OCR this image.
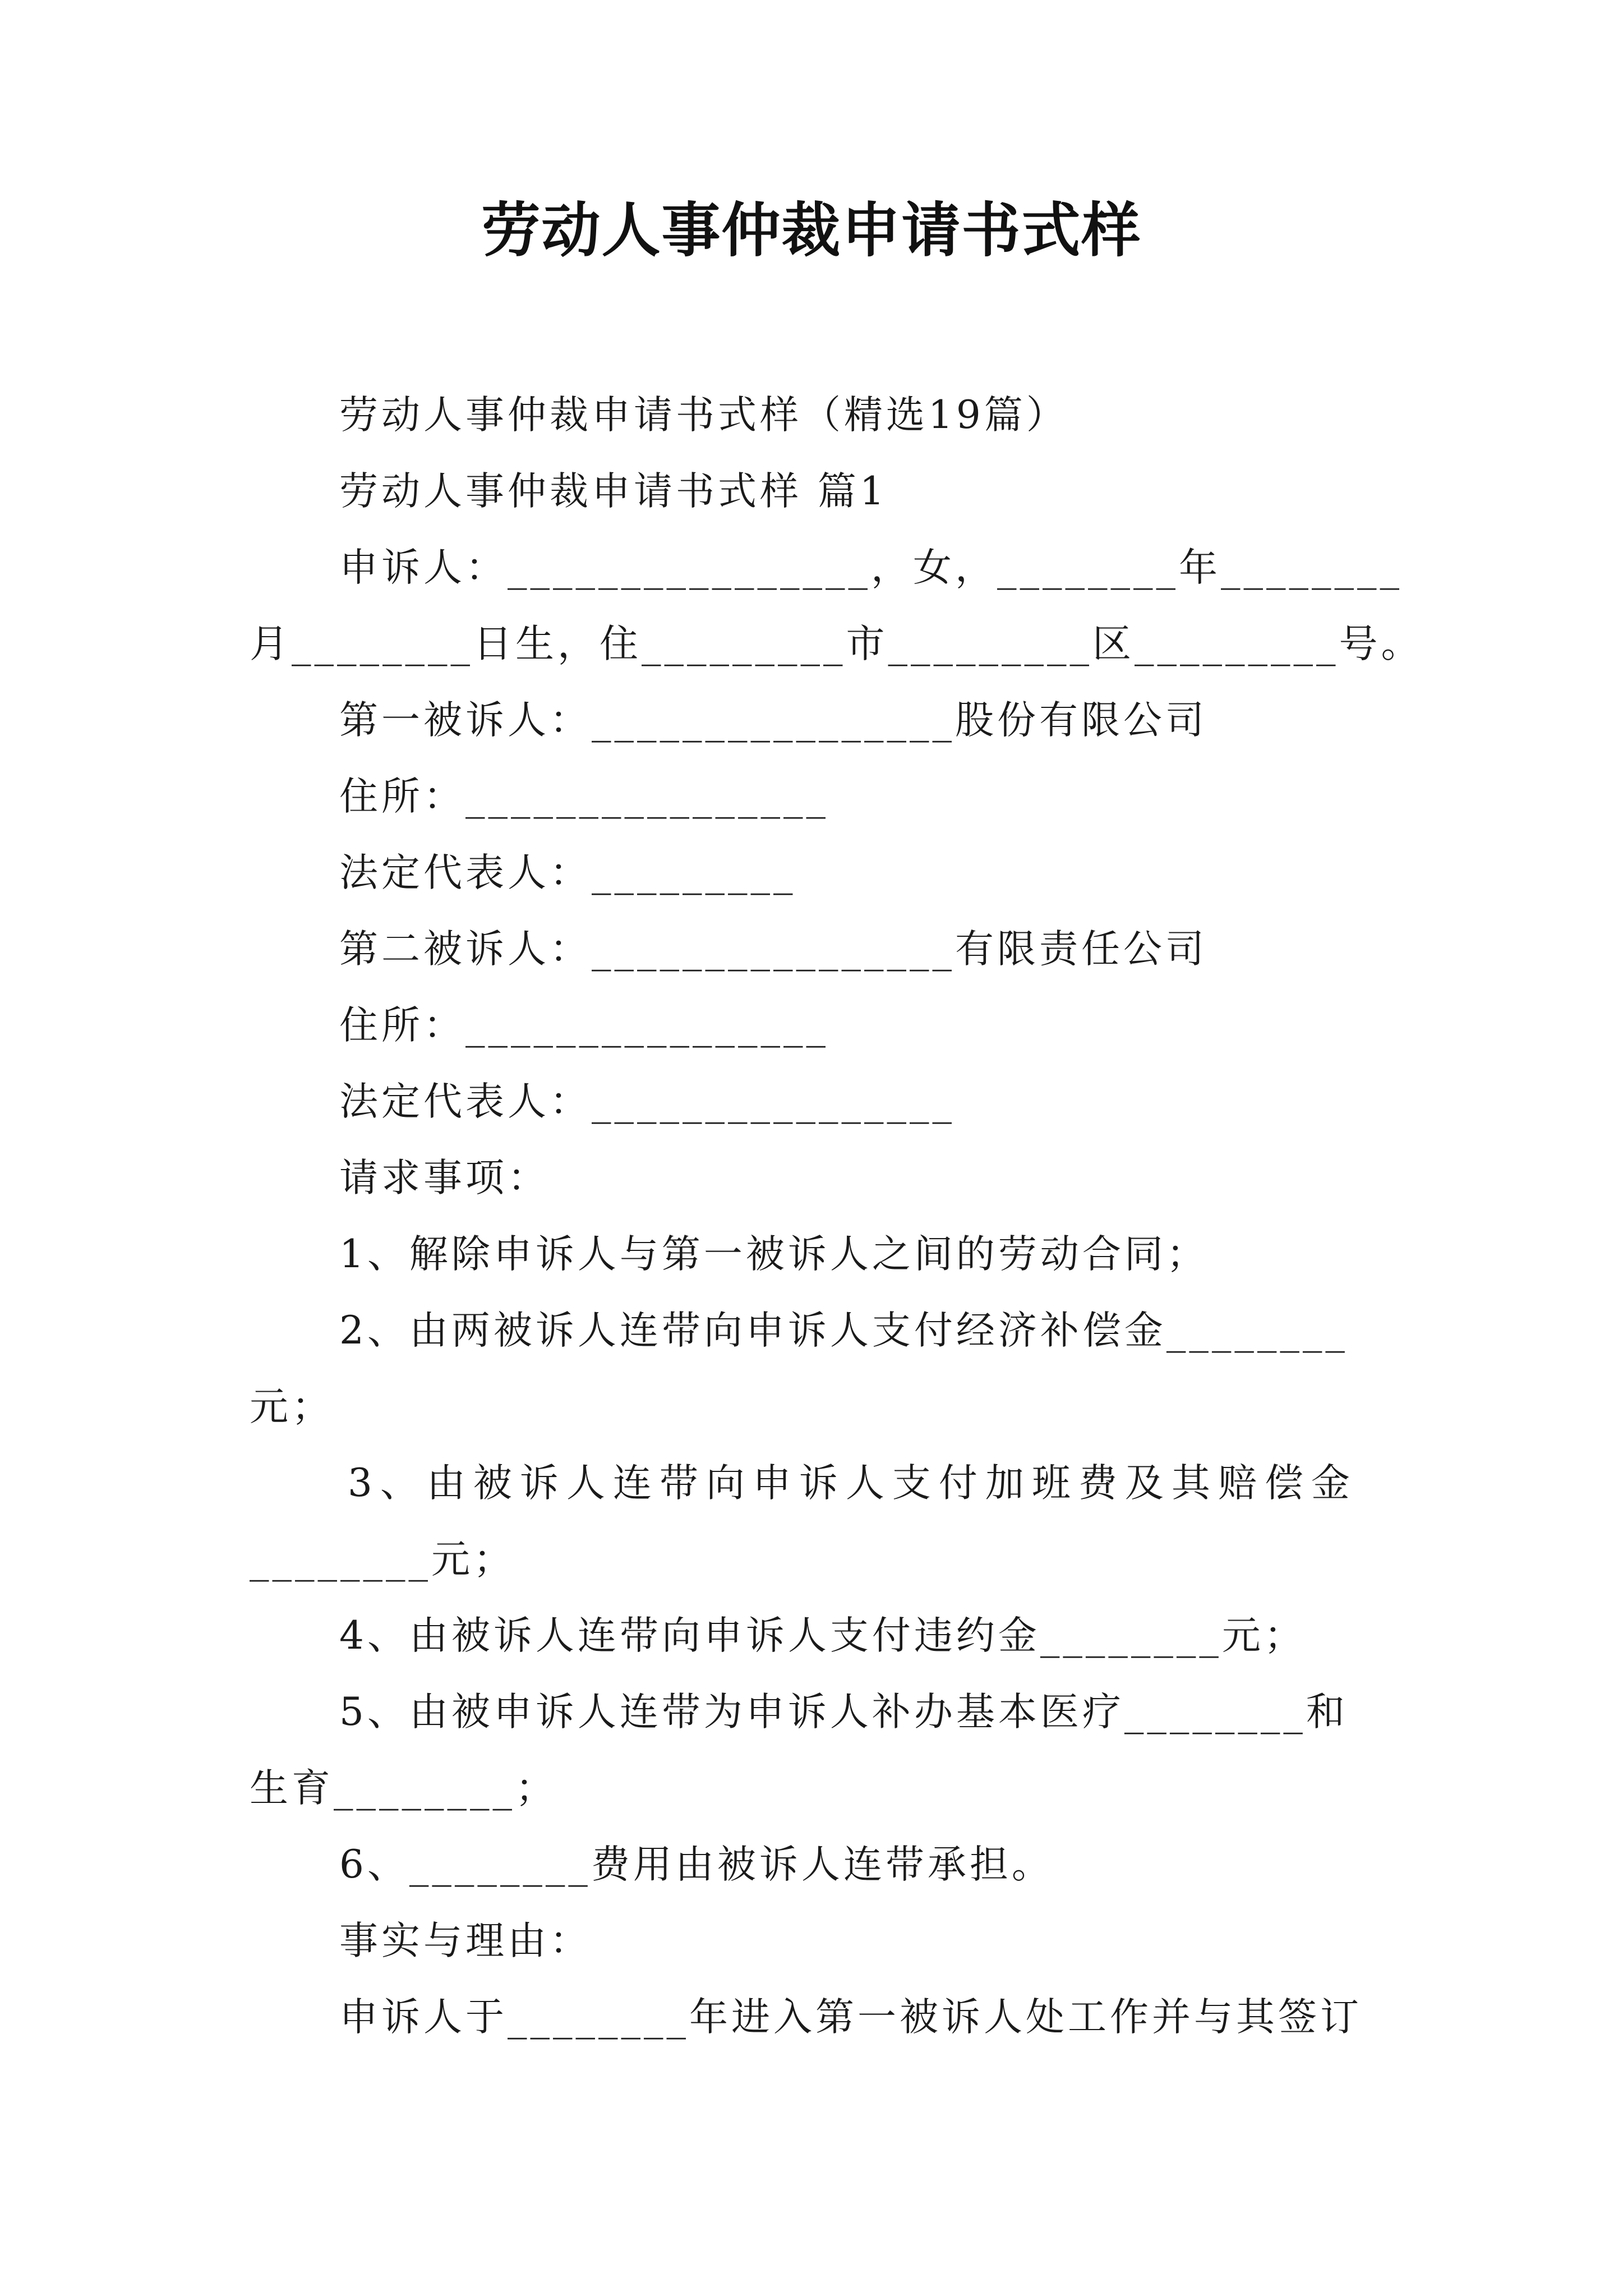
劳动人事仲裁申请书式样
劳动人事仲裁申请书式样（精选19篇）
劳动人事仲裁申请书式样 篇1
申诉人：________________，女，________年________
月________日生，住_________市_________区_________号。
第一被诉人：________________股份有限公司
住所：________________
法定代表人：_________
第二被诉人：________________有限责任公司
住所：________________
法定代表人：________________
请求事项：
1、解除申诉人与第一被诉人之间的劳动合同；
2、由两被诉人连带向申诉人支付经济补偿金________
元；
3、由被诉人连带向申诉人支付加班费及其赔偿金
________元；
4、由被诉人连带向申诉人支付违约金________元；
5、由被申诉人连带为申诉人补办基本医疗________和
生育________；
6、________费用由被诉人连带承担。
事实与理由：
申诉人于________年进入第一被诉人处工作并与其签订
